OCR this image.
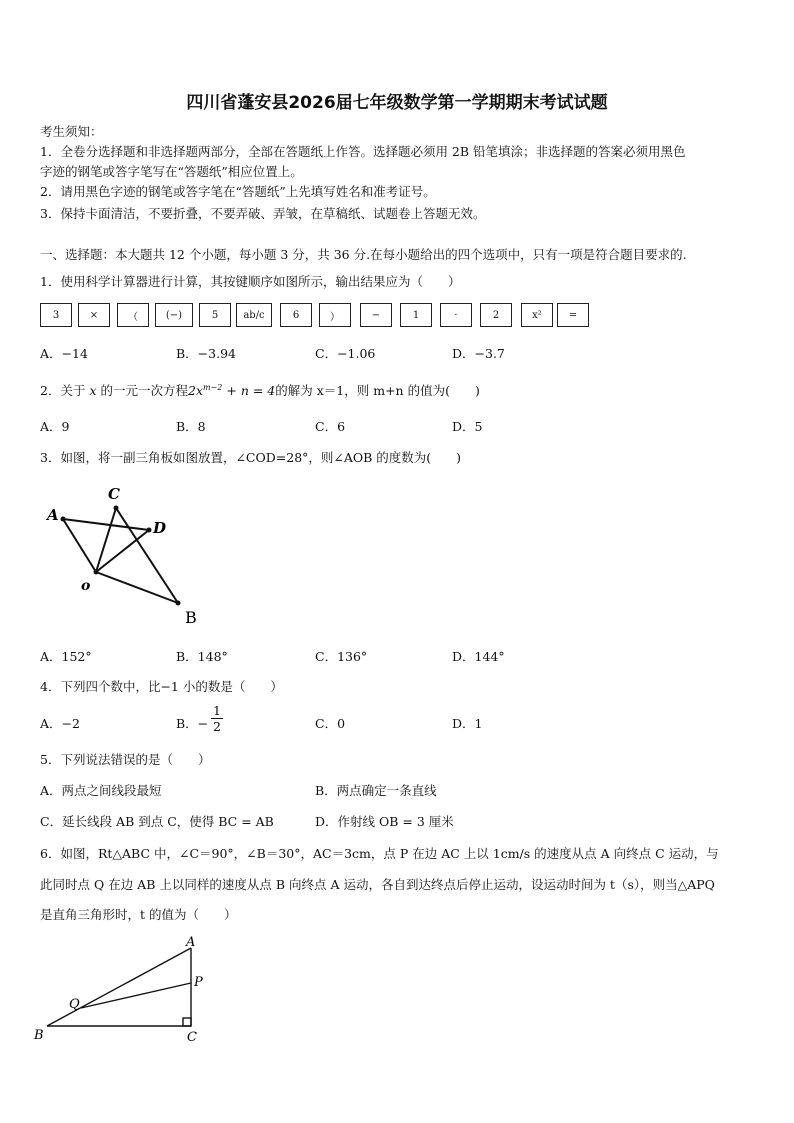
四川省蓬安县2026届七年级数学第一学期期末考试试题
考生须知：
1．全卷分选择题和非选择题两部分，全部在答题纸上作答。选择题必须用 2B 铅笔填涂；非选择题的答案必须用黑色
字迹的钢笔或答字笔写在“答题纸”相应位置上。
2．请用黑色字迹的钢笔或答字笔在“答题纸”上先填写姓名和准考证号。
3．保持卡面清洁，不要折叠，不要弄破、弄皱，在草稿纸、试题卷上答题无效。
一、选择题：本大题共 12 个小题，每小题 3 分，共 36 分.在每小题给出的四个选项中，只有一项是符合题目要求的.
1．使用科学计算器进行计算，其按键顺序如图所示，输出结果应为（　　）
3	×	（	(−)	5	ab/c	6	）	−	1	·	2	x²	=
A．−14	B．−3.94	C．−1.06	D．−3.7
2．关于 x 的一元一次方程$2x^{m-2} + n = 4$的解为 x＝1，则 m+n 的值为(　　)
A．9	B．8	C．6	D．5
3．如图，将一副三角板如图放置，∠COD=28°，则∠AOB 的度数为(　　)
A
C
D
o
B
A．152°	B．148°	C．136°	D．144°
4．下列四个数中，比−1 小的数是（　　）
A．−2	B．− $\frac{1}{2}$	C．0	D．1
5．下列说法错误的是（　　）
A．两点之间线段最短	B．两点确定一条直线
C．延长线段 AB 到点 C，使得 BC = AB	D．作射线 OB = 3 厘米
6．如图，Rt△ABC 中，∠C＝90°，∠B＝30°，AC＝3cm，点 P 在边 AC 上以 1cm/s 的速度从点 A 向终点 C 运动，与
此同时点 Q 在边 AB 上以同样的速度从点 B 向终点 A 运动，各自到达终点后停止运动，设运动时间为 t（s），则当△APQ
是直角三角形时，t 的值为（　　）
A
B	C
P
Q
